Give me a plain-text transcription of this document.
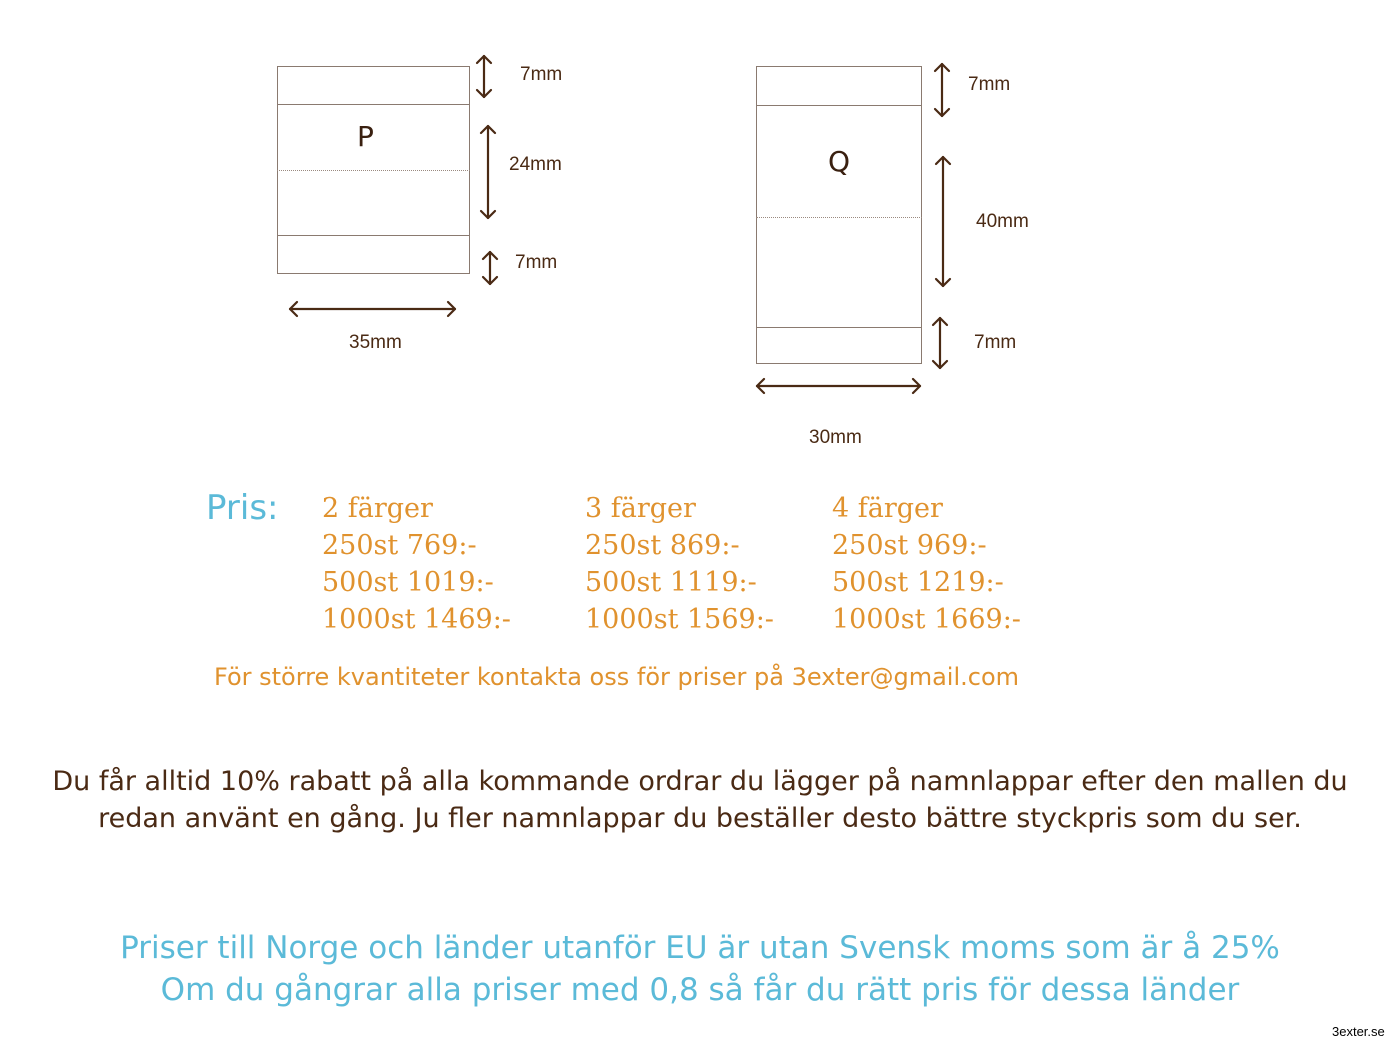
P
7mm
24mm
7mm
35mm
Q
7mm
40mm
7mm
30mm
Pris: 2 färger
250st 769:-
500st 1019:-
1000st 1469:-
3 färger
250st 869:-
500st 1119:-
1000st 1569:-
4 färger
250st 969:-
500st 1219:-
1000st 1669:-
För större kvantiteter kontakta oss för priser på 3exter@gmail.com
Du får alltid 10% rabatt på alla kommande ordrar du lägger på namnlappar efter den mallen du redan använt en gång. Ju fler namnlappar du beställer desto bättre styckpris som du ser.
Priser till Norge och länder utanför EU är utan Svensk moms som är å 25%
Om du gångrar alla priser med 0,8 så får du rätt pris för dessa länder
3exter.se
